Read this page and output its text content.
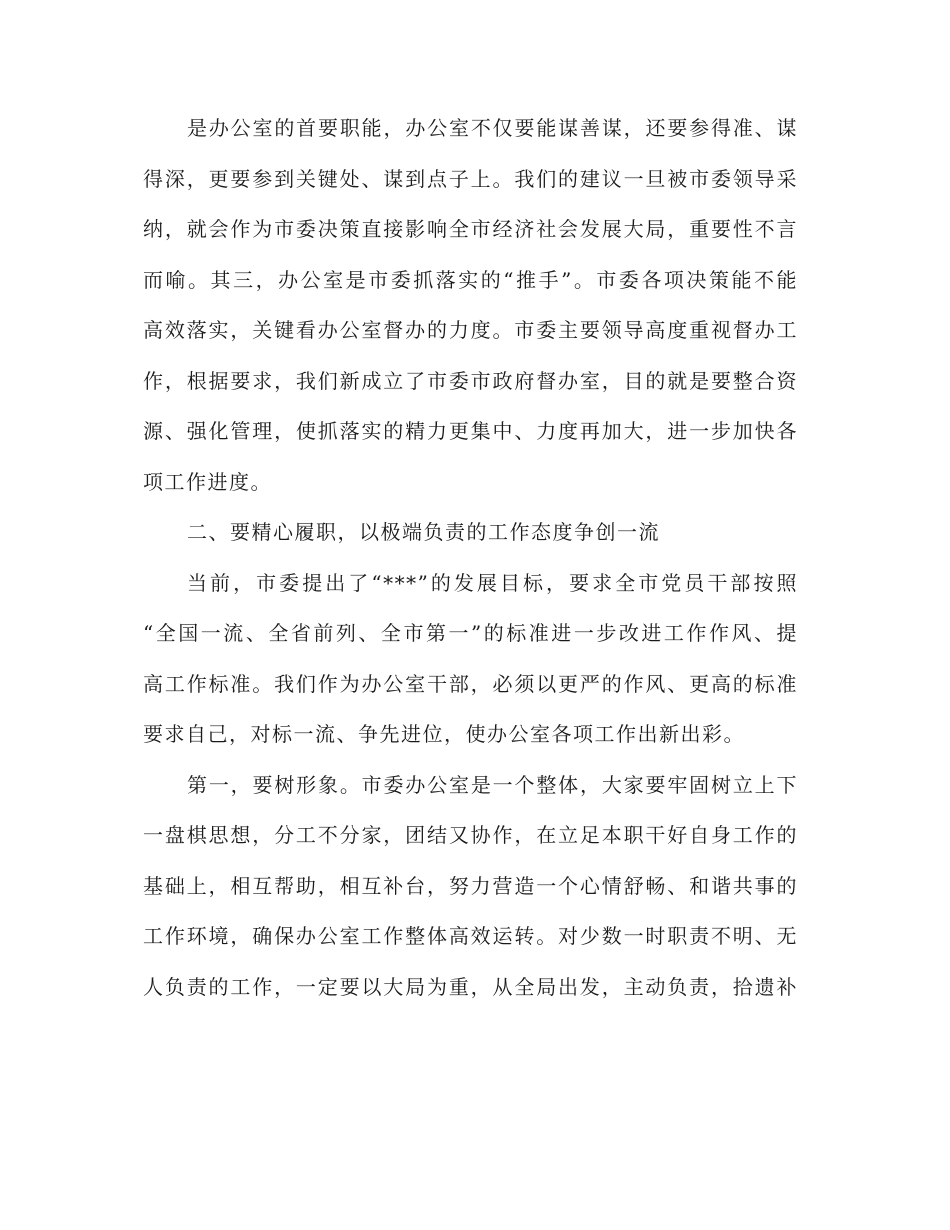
是办公室的首要职能，办公室不仅要能谋善谋，还要参得准、谋
得深，更要参到关键处、谋到点子上。我们的建议一旦被市委领导采
纳，就会作为市委决策直接影响全市经济社会发展大局，重要性不言
而喻。其三，办公室是市委抓落实的“推手”。市委各项决策能不能
高效落实，关键看办公室督办的力度。市委主要领导高度重视督办工
作，根据要求，我们新成立了市委市政府督办室，目的就是要整合资
源、强化管理，使抓落实的精力更集中、力度再加大，进一步加快各
项工作进度。
二、要精心履职，以极端负责的工作态度争创一流
当前，市委提出了“***”的发展目标，要求全市党员干部按照
“全国一流、全省前列、全市第一”的标准进一步改进工作作风、提
高工作标准。我们作为办公室干部，必须以更严的作风、更高的标准
要求自己，对标一流、争先进位，使办公室各项工作出新出彩。
第一，要树形象。市委办公室是一个整体，大家要牢固树立上下
一盘棋思想，分工不分家，团结又协作，在立足本职干好自身工作的
基础上，相互帮助，相互补台，努力营造一个心情舒畅、和谐共事的
工作环境，确保办公室工作整体高效运转。对少数一时职责不明、无
人负责的工作，一定要以大局为重，从全局出发，主动负责，拾遗补
